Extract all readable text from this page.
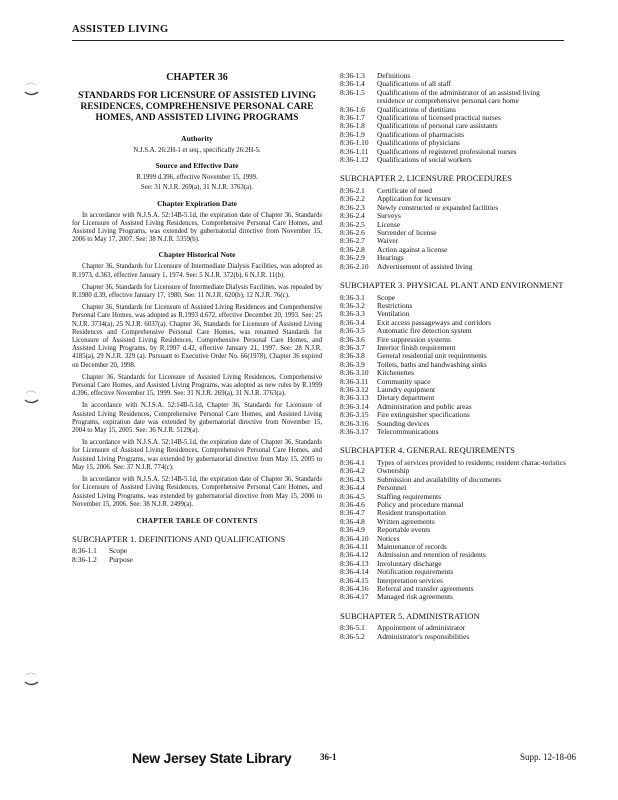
ASSISTED LIVING
CHAPTER 36
STANDARDS FOR LICENSURE OF ASSISTED LIVING RESIDENCES, COMPREHENSIVE PERSONAL CARE HOMES, AND ASSISTED LIVING PROGRAMS
Authority
N.J.S.A. 26:2H-1 et seq., specifically 26:2H-5.
Source and Effective Date
R.1999 d.396, effective November 15, 1999.
See: 31 N.J.R. 269(a), 31 N.J.R. 3763(a).
Chapter Expiration Date
In accordance with N.J.S.A. 52:14B-5.1d, the expiration date of Chapter 36, Standards for Licensure of Assisted Living Residences, Comprehensive Personal Care Homes, and Assisted Living Programs, was extended by gubernatorial directive from November 15, 2006 to May 17, 2007. See: 38 N.J.R. 5359(b).
Chapter Historical Note
Chapter 36, Standards for Licensure of Intermediate Dialysis Facilities, was adopted as R.1973, d.363, effective January 1, 1974. See: 5 N.J.R. 372(b), 6 N.J.R. 11(b).
Chapter 36, Standards for Licensure of Intermediate Dialysis Facilities, was repealed by R.1980 d.39, effective January 17, 1980. See: 11 N.J.R. 620(b), 12 N.J.R. 76(c).
Chapter 36, Standards for Licensure of Assisted Living Residences and Comprehensive Personal Care Homes, was adopted as R.1993 d.672, effective December 20, 1993. See: 25 N.J.R. 3734(a), 25 N.J.R. 6037(a). Chapter 36, Standards for Licensure of Assisted Living Residences and Comprehensive Personal Care Homes, was renamed Standards for Licensure of Assisted Living Residences, Comprehensive Personal Care Homes, and Assisted Living Programs, by R.1997 d.42, effective January 21, 1997. See: 28 N.J.R. 4185(a), 29 N.J.R. 329 (a). Pursuant to Executive Order No. 66(1978), Chapter 36 expired on December 20, 1998.
Chapter 36, Standards for Licensure of Assisted Living Residences, Comprehensive Personal Care Homes, and Assisted Living Programs, was adopted as new rules by R.1999 d.396, effective November 15, 1999. See: 31 N.J.R. 269(a), 31 N.J.R. 3763(a).
In accordance with N.J.S.A. 52:14B-5.1d, Chapter 36, Standards for Licensure of Assisted Living Residences, Comprehensive Personal Care Homes, and Assisted Living Programs, expiration date was extended by gubernatorial directive from November 15, 2004 to May 15, 2005. See: 36 N.J.R. 5129(a).
In accordance with N.J.S.A. 52:14B-5.1d, the expiration date of Chapter 36, Standards for Licensure of Assisted Living Residences, Comprehensive Personal Care Homes, and Assisted Living Programs, was extended by gubernatorial directive from May 15, 2005 to May 15, 2006. See: 37 N.J.R. 774(c).
In accordance with N.J.S.A. 52:14B-5.1d, the expiration date of Chapter 36, Standards for Licensure of Assisted Living Residences, Comprehensive Personal Care Homes, and Assisted Living Programs, was extended by gubernatorial directive from May 15, 2006 to November 15, 2006. See: 38 N.J.R. 2499(a).
CHAPTER TABLE OF CONTENTS
SUBCHAPTER 1. DEFINITIONS AND QUALIFICATIONS
8:36-1.1	Scope
8:36-1.2	Purpose
8:36-1.3	Definitions
8:36-1.4	Qualifications of all staff
8:36-1.5	Qualifications of the administrator of an assisted living residence or comprehensive personal care home
8:36-1.6	Qualifications of dietitians
8:36-1.7	Qualifications of licensed practical nurses
8:36-1.8	Qualifications of personal care assistants
8:36-1.9	Qualifications of pharmacists
8:36-1.10	Qualifications of physicians
8:36-1.11	Qualifications of registered professional nurses
8:36-1.12	Qualifications of social workers
SUBCHAPTER 2. LICENSURE PROCEDURES
8:36-2.1	Certificate of need
8:36-2.2	Application for licensure
8:36-2.3	Newly constructed or expanded facilities
8:36-2.4	Surveys
8:36-2.5	License
8:36-2.6	Surrender of license
8:36-2.7	Waiver
8:36-2.8	Action against a license
8:36-2.9	Hearings
8:36-2.10	Advertisement of assisted living
SUBCHAPTER 3. PHYSICAL PLANT AND ENVIRONMENT
8:36-3.1	Scope
8:36-3.2	Restrictions
8:36-3.3	Ventilation
8:36-3.4	Exit access passageways and corridors
8:36-3.5	Automatic fire detection system
8:36-3.6	Fire suppression systems
8:36-3.7	Interior finish requirement
8:36-3.8	General residential unit requirements
8:36-3.9	Toilets, baths and handwashing sinks
8:36-3.10	Kitchenettes
8:36-3.11	Community space
8:36-3.12	Laundry equipment
8:36-3.13	Dietary department
8:36-3.14	Administration and public areas
8:36-3.15	Fire extinguisher specifications
8:36-3.16	Sounding devices
8:36-3.17	Telecommunications
SUBCHAPTER 4. GENERAL REQUIREMENTS
8:36-4.1	Types of services provided to residents; resident charac-teristics
8:36-4.2	Ownership
8:36-4.3	Submission and availability of documents
8:36-4.4	Personnel
8:36-4.5	Staffing requirements
8:36-4.6	Policy and procedure manual
8:36-4.7	Resident transportation
8:36-4.8	Written agreements
8:36-4.9	Reportable events
8:36-4.10	Notices
8:36-4.11	Maintenance of records
8:36-4.12	Admission and retention of residents
8:36-4.13	Involuntary discharge
8:36-4.14	Notification requirements
8:36-4.15	Interpretation services
8:36-4.16	Referral and transfer agreements
8:36-4.17	Managed risk agreements
SUBCHAPTER 5. ADMINISTRATION
8:36-5.1	Appointment of administrator
8:36-5.2	Administrator's responsibilities
New Jersey State Library	36-1	Supp. 12-18-06
